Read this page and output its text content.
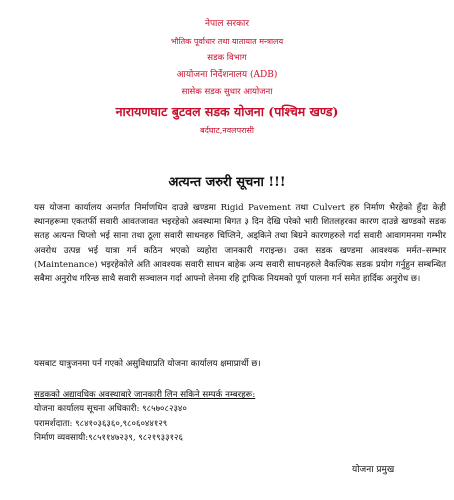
नेपाल सरकार
भौतिक पूर्वाधार तथा यातायात मन्त्रालय
सडक विभाग
आयोजना निर्देशनालय (ADB)
सासेक सडक सुधार आयोजना
नारायणघाट बुटवल सडक योजना (पश्चिम खण्ड)
बर्दघाट,नवलपरासी
अत्यन्त जरुरी सूचना !!!
यस योजना कार्यालय अन्तर्गत निर्माणधिन दाउन्ने खण्डमा Rigid Pavement तथा Culvert हरु निर्माण भैरहेको हुँदा केही स्थानहरूमा एकतर्फी सवारी आवतजावत भइरहेको अवस्थामा बिगत ३ दिन देखि परेको भारी शितलहरका कारण दाउन्ने खण्डको सडक सतह अत्यन्त चिप्लो भई साना तथा ठूला सवारी साधनहरु चिप्लिने, अड्किने तथा बिग्रने कारणहरुले गर्दा सवारी आवागमनमा गम्भीर अवरोध उत्पन्न भई यात्रा गर्न कठिन भएको व्यहोरा जानकारी गराइन्छ। उक्त सडक खण्डमा आवश्यक मर्मत–सम्भार (Maintenance) भइरहेकोले अति आवश्यक सवारी साधन बाहेक अन्य सवारी साधनहरुले वैकल्पिक सडक प्रयोग गर्नुहुन सम्बन्धित सबैमा अनुरोध गरिन्छ साथै सवारी सञ्चालन गर्दा आफ्नो लेनमा रहि ट्राफिक नियमको पूर्ण पालना गर्न समेत हार्दिक अनुरोध छ।
यसबाट यात्रुजनमा पर्न गएको असुविधाप्रति योजना कार्यालय क्षमाप्रार्थी छ।
सडकको अद्यावधिक अवस्थाबारे जानकारी लिन सकिने सम्पर्क नम्बरहरू:
योजना कार्यालय सूचना अधिकारी: ९८५७०८२३४०
परामर्शदाता: ९८४१०३६३६०,९८०६०४४१२९
निर्माण व्यवसायी:९८५११४७२३९, ९८२१९३३१२६
योजना प्रमुख
